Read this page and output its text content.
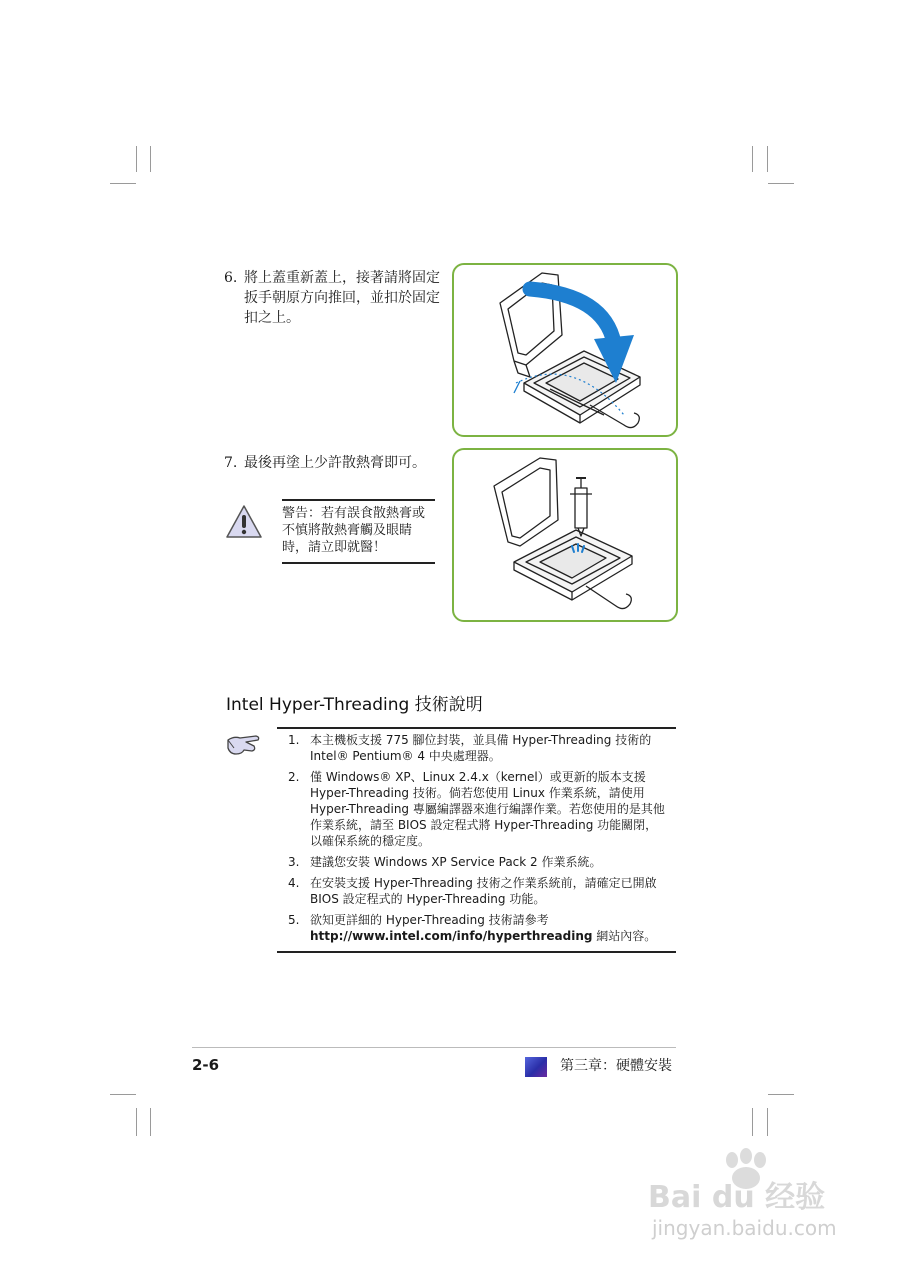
6. 將上蓋重新蓋上，接著請將固定扳手朝原方向推回，並扣於固定扣之上。
7. 最後再塗上少許散熱膏即可。
警告：若有誤食散熱膏或不慎將散熱膏觸及眼睛時，請立即就醫！
Intel Hyper-Threading 技術說明
1. 本主機板支援 775 腳位封裝，並具備 Hyper-Threading 技術的 Intel® Pentium® 4 中央處理器。
2. 僅 Windows® XP、Linux 2.4.x（kernel）或更新的版本支援 Hyper-Threading 技術。倘若您使用 Linux 作業系統，請使用 Hyper-Threading 專屬編譯器來進行編譯作業。若您使用的是其他作業系統，請至 BIOS 設定程式將 Hyper-Threading 功能關閉，以確保系統的穩定度。
3. 建議您安裝 Windows XP Service Pack 2 作業系統。
4. 在安裝支援 Hyper-Threading 技術之作業系統前，請確定已開啟 BIOS 設定程式的 Hyper-Threading 功能。
5. 欲知更詳細的 Hyper-Threading 技術請參考 http://www.intel.com/info/hyperthreading 網站內容。
2-6	第三章：硬體安裝
Bai du 经验
jingyan.baidu.com
